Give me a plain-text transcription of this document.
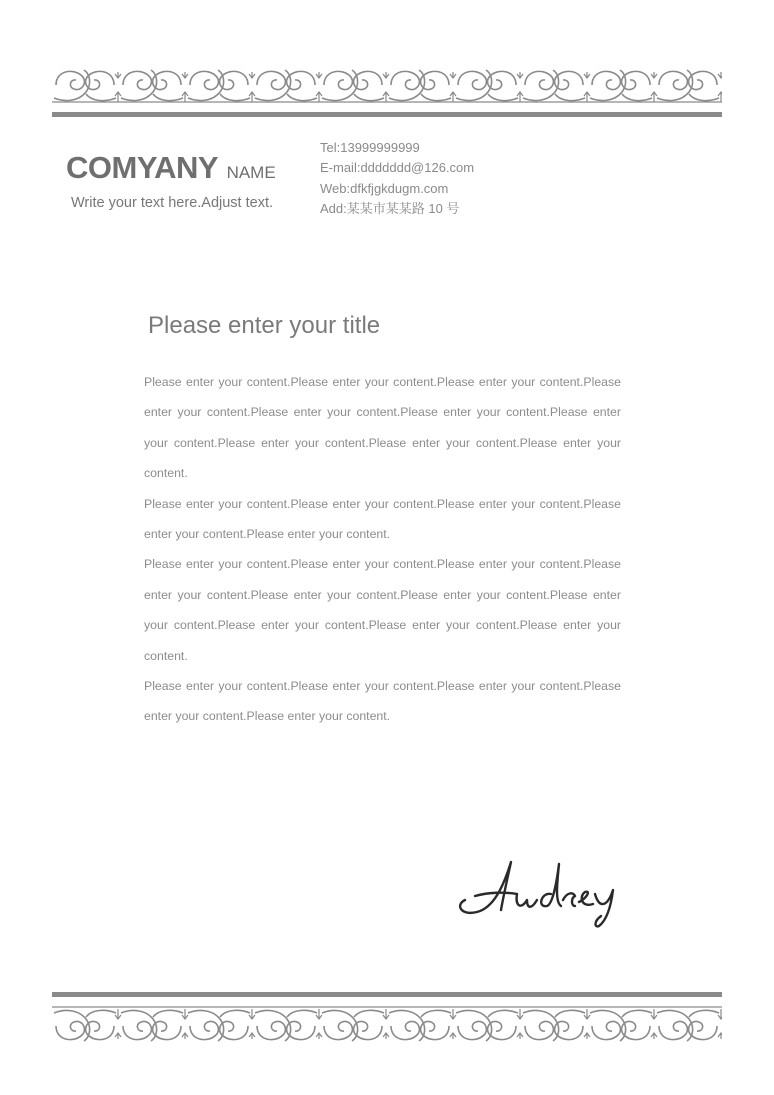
COMYANY NAME
Write your text here.Adjust text.
Tel:13999999999
E-mail:ddddddd@126.com
Web:dfkfjgkdugm.com
Add:某某市某某路 10 号
Please enter your title
Please enter your content.Please enter your content.Please enter your content.Please enter your content.Please enter your content.Please enter your content.Please enter your content.Please enter your content.Please enter your content.Please enter your content.
Please enter your content.Please enter your content.Please enter your content.Please enter your content.Please enter your content.
Please enter your content.Please enter your content.Please enter your content.Please enter your content.Please enter your content.Please enter your content.Please enter your content.Please enter your content.Please enter your content.Please enter your content.
Please enter your content.Please enter your content.Please enter your content.Please enter your content.Please enter your content.
